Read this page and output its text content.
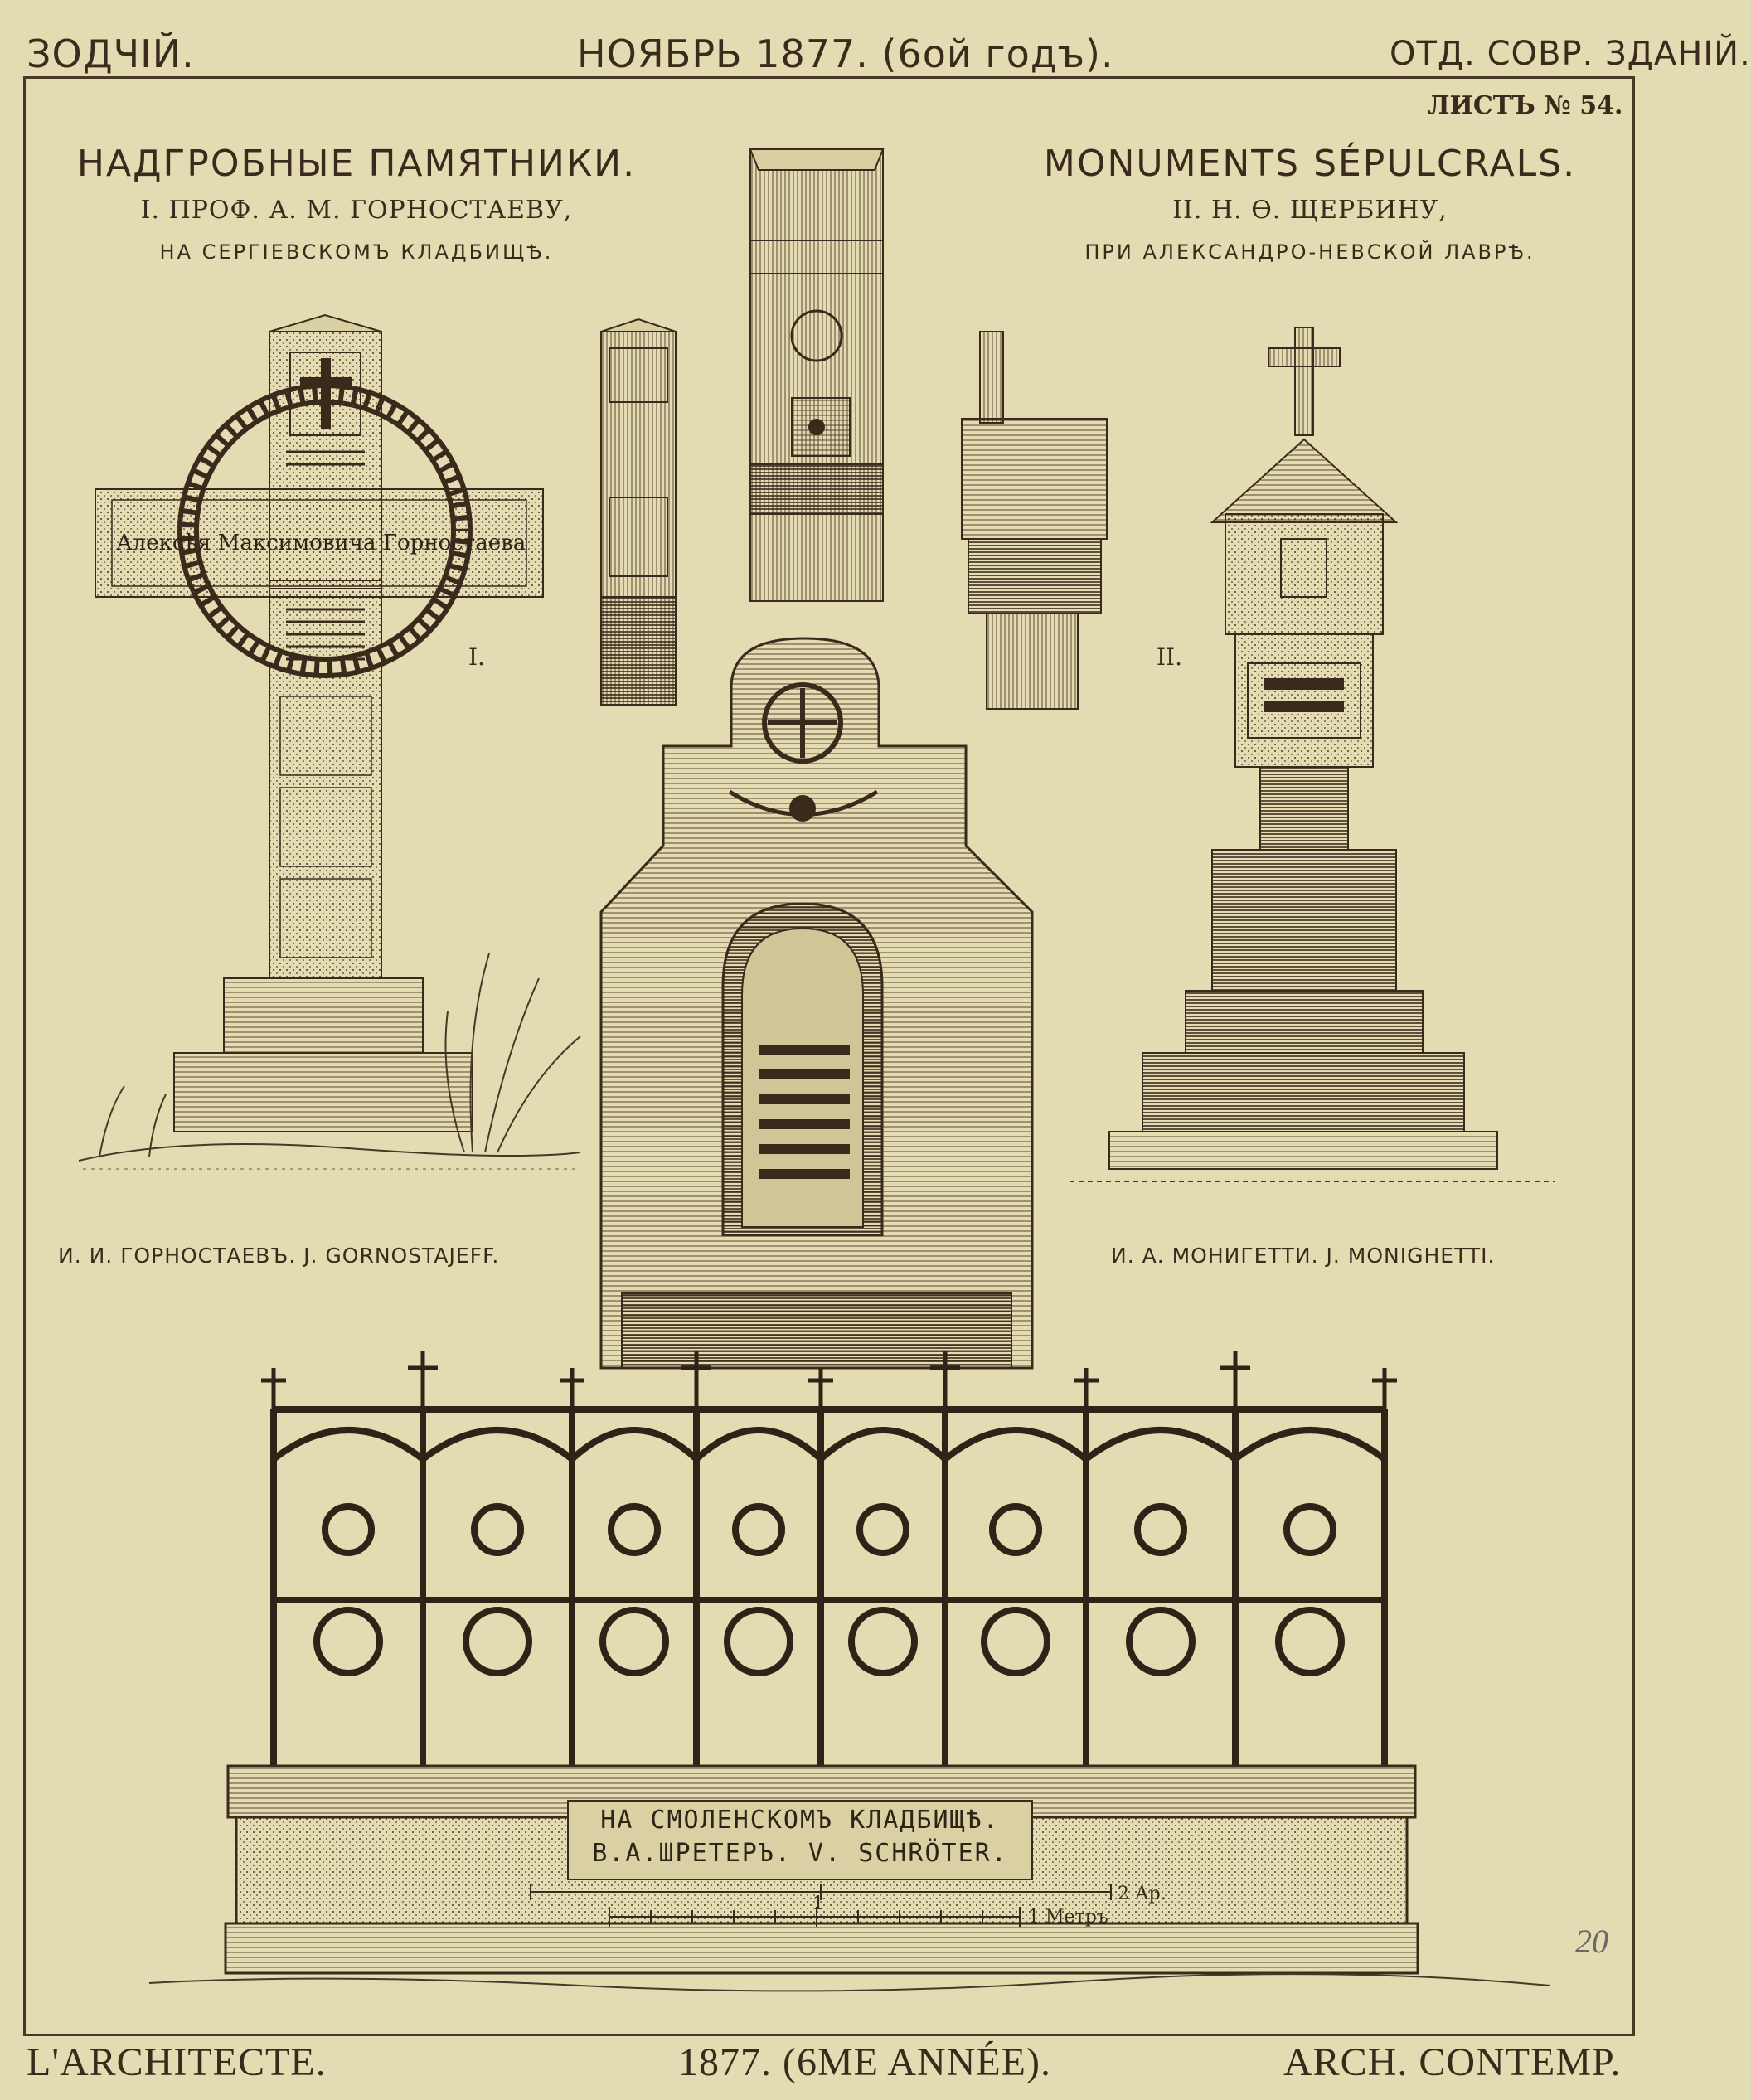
ЗОДЧІЙ.	НОЯБРЬ 1877. (6ой годъ).	ОТД. СОВР. ЗДАНІЙ.
ЛИСТЪ № 54.
НАДГРОБНЫЕ ПАМЯТНИКИ.
I. ПРОФ. А. М. ГОРНОСТАЕВУ,
НА СЕРГІЕВСКОМЪ КЛАДБИЩѢ.
MONUMENTS SÉPULCRALS.
II. Н. Ѳ. ЩЕРБИНУ,
ПРИ АЛЕКСАНДРО-НЕВСКОЙ ЛАВРѢ.
Алексѣя Максимовича Горностаева
I.	II.
И. И. ГОРНОСТАЕВЪ. J. GORNOSTAJEFF.	И. А. МОНИГЕТТИ. J. MONIGHETTI.
НА СМОЛЕНСКОМЪ КЛАДБИЩѢ.
В.А.ШРЕТЕРЪ. V. SCHRÖTER.
1	2 Ар.
1 Метръ
20
L'ARCHITECTE.	1877. (6ME ANNÉE).	ARCH. CONTEMP.
